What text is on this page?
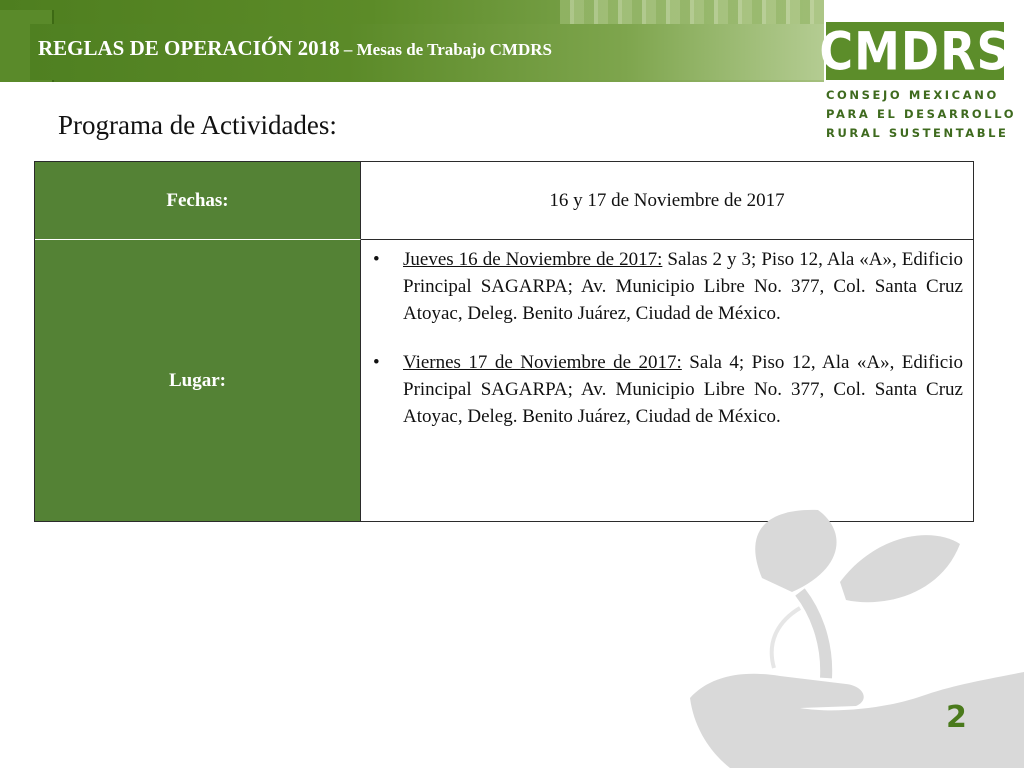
REGLAS DE OPERACIÓN 2018 – Mesas de Trabajo CMDRS	CMDRS
CONSEJO MEXICANO
PARA EL DESARROLLO
RURAL SUSTENTABLE
Programa de Actividades:
Fechas:	16 y 17 de Noviembre de 2017
Lugar:
• Jueves 16 de Noviembre de 2017: Salas 2 y 3; Piso 12, Ala «A», Edificio Principal SAGARPA; Av. Municipio Libre No. 377, Col. Santa Cruz Atoyac, Deleg. Benito Juárez, Ciudad de México.
• Viernes 17 de Noviembre de 2017: Sala 4; Piso 12, Ala «A», Edificio Principal SAGARPA; Av. Municipio Libre No. 377, Col. Santa Cruz Atoyac, Deleg. Benito Juárez, Ciudad de México.
2
